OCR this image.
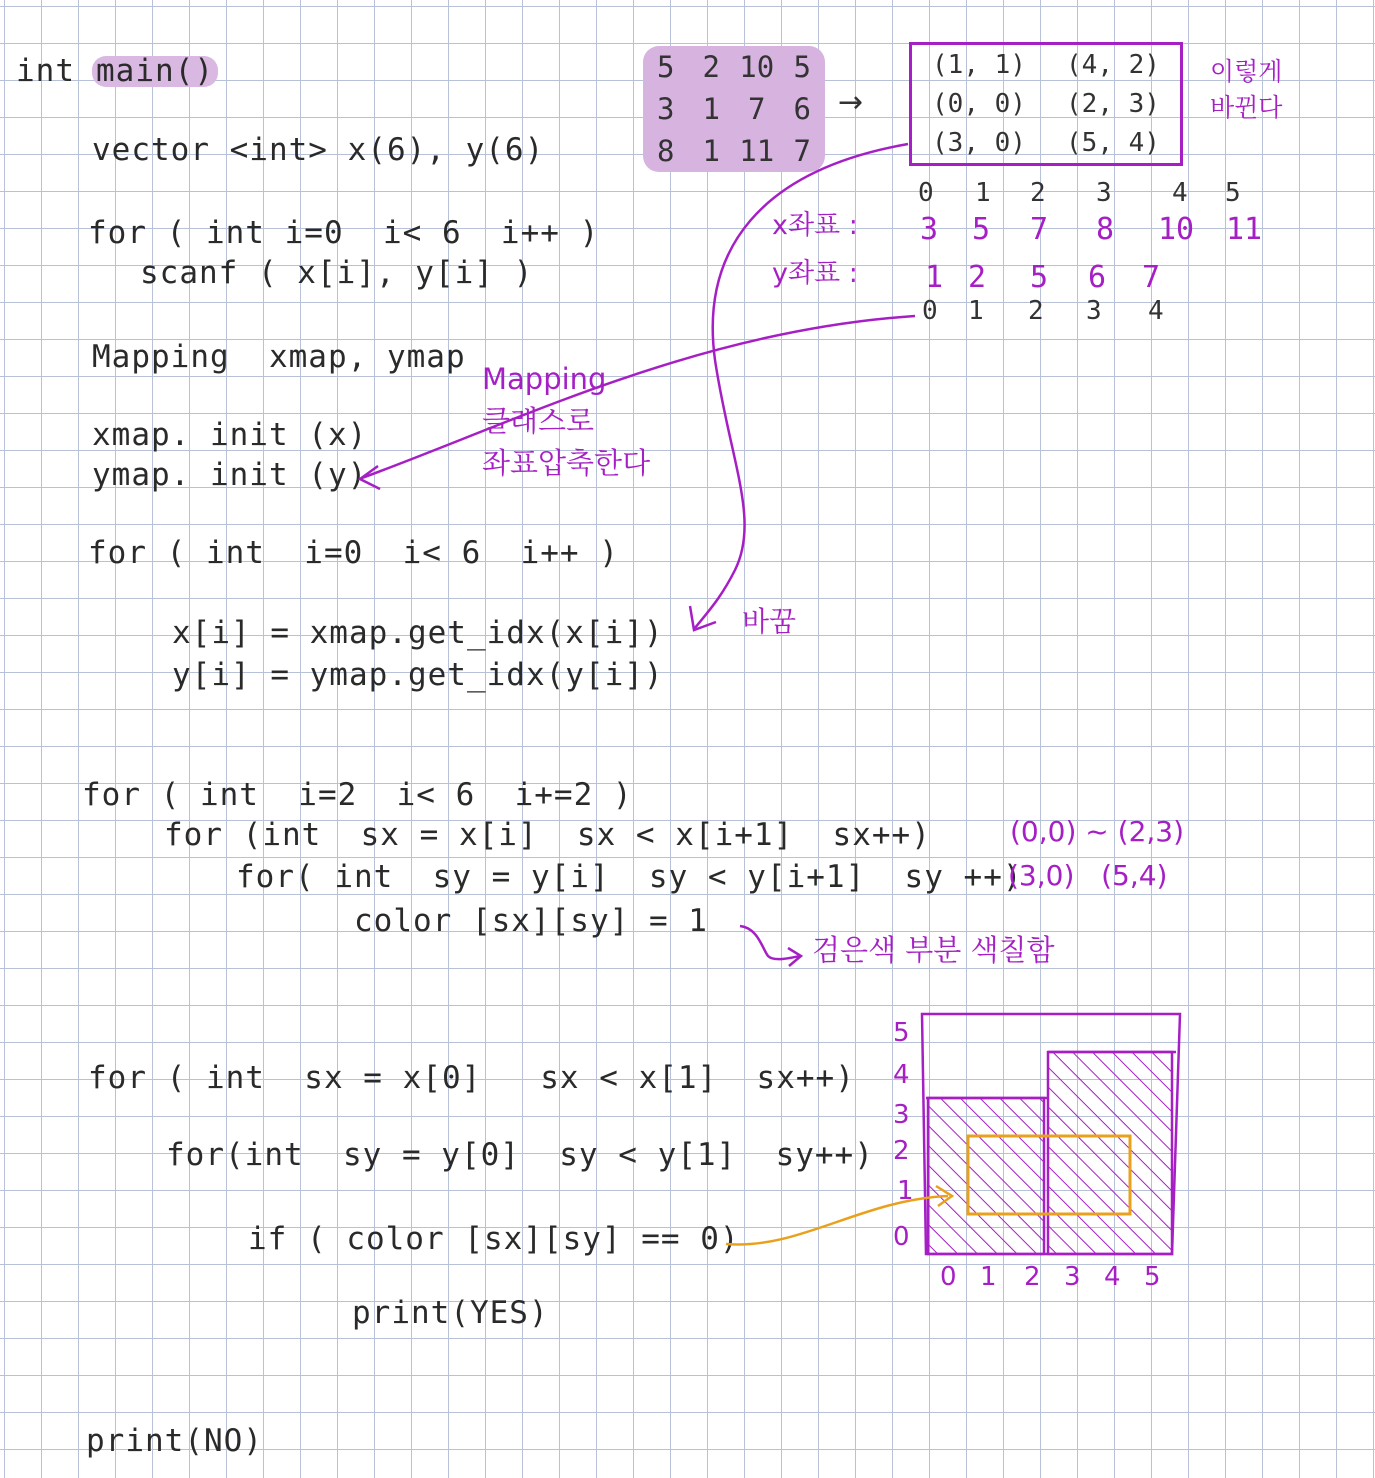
int main()
vector <int> x(6), y(6)
for ( int i=0  i< 6  i++ )
scanf ( x[i], y[i] )
Mapping  xmap, ymap
xmap. init (x)
ymap. init (y)
for ( int  i=0  i< 6  i++ )
x[i] = xmap.get_idx(x[i])
y[i] = ymap.get_idx(y[i])
for ( int  i=2  i< 6  i+=2 )
for (int  sx = x[i]  sx < x[i+1]  sx++)
for( int  sy = y[i]  sy < y[i+1]  sy ++)
color [sx][sy] = 1
for ( int  sx = x[0]   sx < x[1]  sx++)
for(int  sy = y[0]  sy < y[1]  sy++)
if ( color [sx][sy] == 0)
print(YES)
print(NO)
5 2 10 5
3 1 7 6
8 1 11 7
→
(1, 1) (4, 2)
(0, 0) (2, 3)
(3, 0) (5, 4)
이렇게
바뀐다
0 1 2 3 4 5
x좌표 : 3 5 7 8 10 11
y좌표 : 1 2 5 6 7
0 1 2 3 4
Mapping
클래스로
좌표압축한다
바꿈
(0,0) ~ (2,3)
(3,0)   (5,4)
검은색 부분 색칠함
5
4
3
2
1
0
0 1 2 3 4 5
